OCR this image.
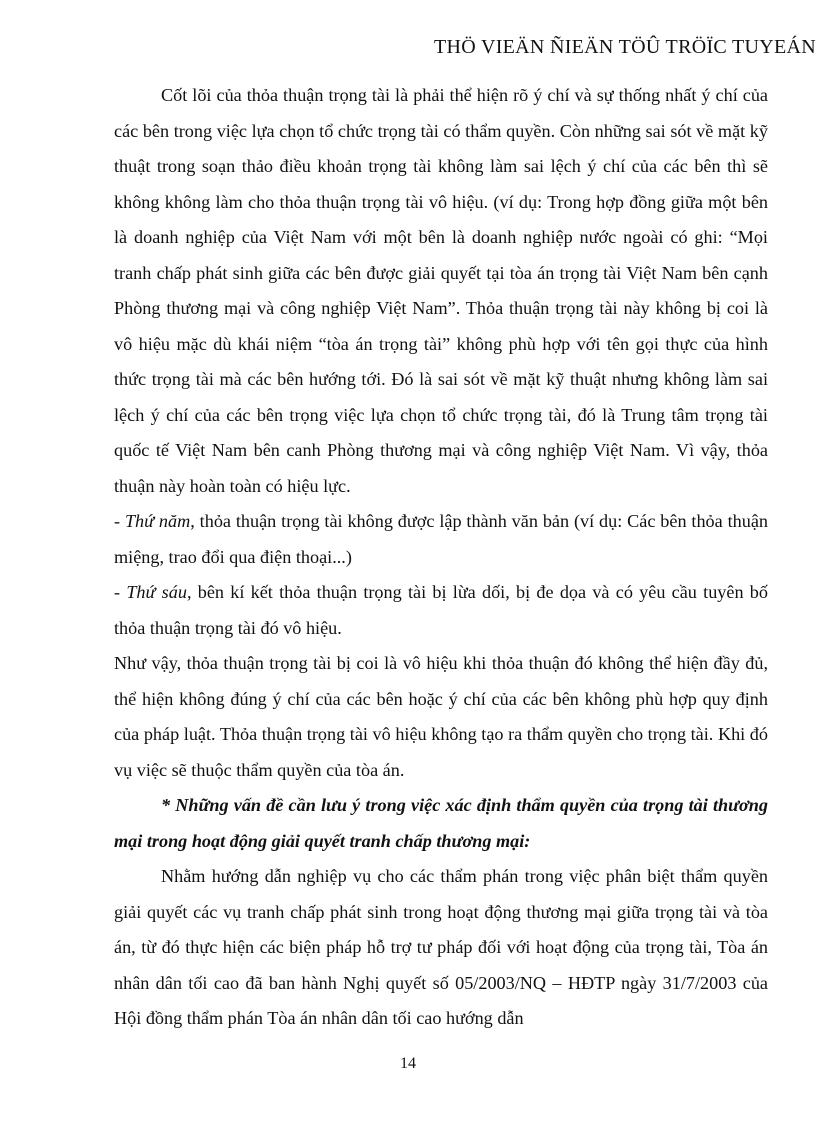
THÖ VIEÄN ÑIEÄN TÖÛ TRÖÏC TUYEÁN

Cốt lõi của thỏa thuận trọng tài là phải thể hiện rõ ý chí và sự thống nhất ý chí của các bên trong việc lựa chọn tổ chức trọng tài có thẩm quyền. Còn những sai sót về mặt kỹ thuật trong soạn thảo điều khoản trọng tài không làm sai lệch ý chí của các bên thì sẽ không không làm cho thỏa thuận trọng tài vô hiệu. (ví dụ: Trong hợp đồng giữa một bên là doanh nghiệp của Việt Nam với một bên là doanh nghiệp nước ngoài có ghi: “Mọi tranh chấp phát sinh giữa các bên được giải quyết tại tòa án trọng tài Việt Nam bên cạnh Phòng thương mại và công nghiệp Việt Nam”. Thỏa thuận trọng tài này không bị coi là vô hiệu mặc dù khái niệm “tòa án trọng tài” không phù hợp với tên gọi thực của hình thức trọng tài mà các bên hướng tới. Đó là sai sót về mặt kỹ thuật nhưng không làm sai lệch ý chí của các bên trọng việc lựa chọn tổ chức trọng tài, đó là Trung tâm trọng tài quốc tế Việt Nam bên canh Phòng thương mại và công nghiệp Việt Nam. Vì vậy, thỏa thuận này hoàn toàn có hiệu lực.

- Thứ năm, thỏa thuận trọng tài không được lập thành văn bản (ví dụ: Các bên thỏa thuận miệng, trao đổi qua điện thoại...)

- Thứ sáu, bên kí kết thỏa thuận trọng tài bị lừa dối, bị đe dọa và có yêu cầu tuyên bố thỏa thuận trọng tài đó vô hiệu.

Như vậy, thỏa thuận trọng tài bị coi là vô hiệu khi thỏa thuận đó không thể hiện đầy đủ, thể hiện không đúng ý chí của các bên hoặc ý chí của các bên không phù hợp quy định của pháp luật. Thỏa thuận trọng tài vô hiệu không tạo ra thẩm quyền cho trọng tài. Khi đó vụ việc sẽ thuộc thẩm quyền của tòa án.

* Những vấn đề cần lưu ý trong việc xác định thẩm quyền của trọng tài thương mại trong hoạt động giải quyết tranh chấp thương mại:

Nhằm hướng dẫn nghiệp vụ cho các thẩm phán trong việc phân biệt thẩm quyền giải quyết các vụ tranh chấp phát sinh trong hoạt động thương mại giữa trọng tài và tòa án, từ đó thực hiện các biện pháp hỗ trợ tư pháp đối với hoạt động của trọng tài, Tòa án nhân dân tối cao đã ban hành Nghị quyết số 05/2003/NQ – HĐTP ngày 31/7/2003 của Hội đồng thẩm phán Tòa án nhân dân tối cao hướng dẫn

14
